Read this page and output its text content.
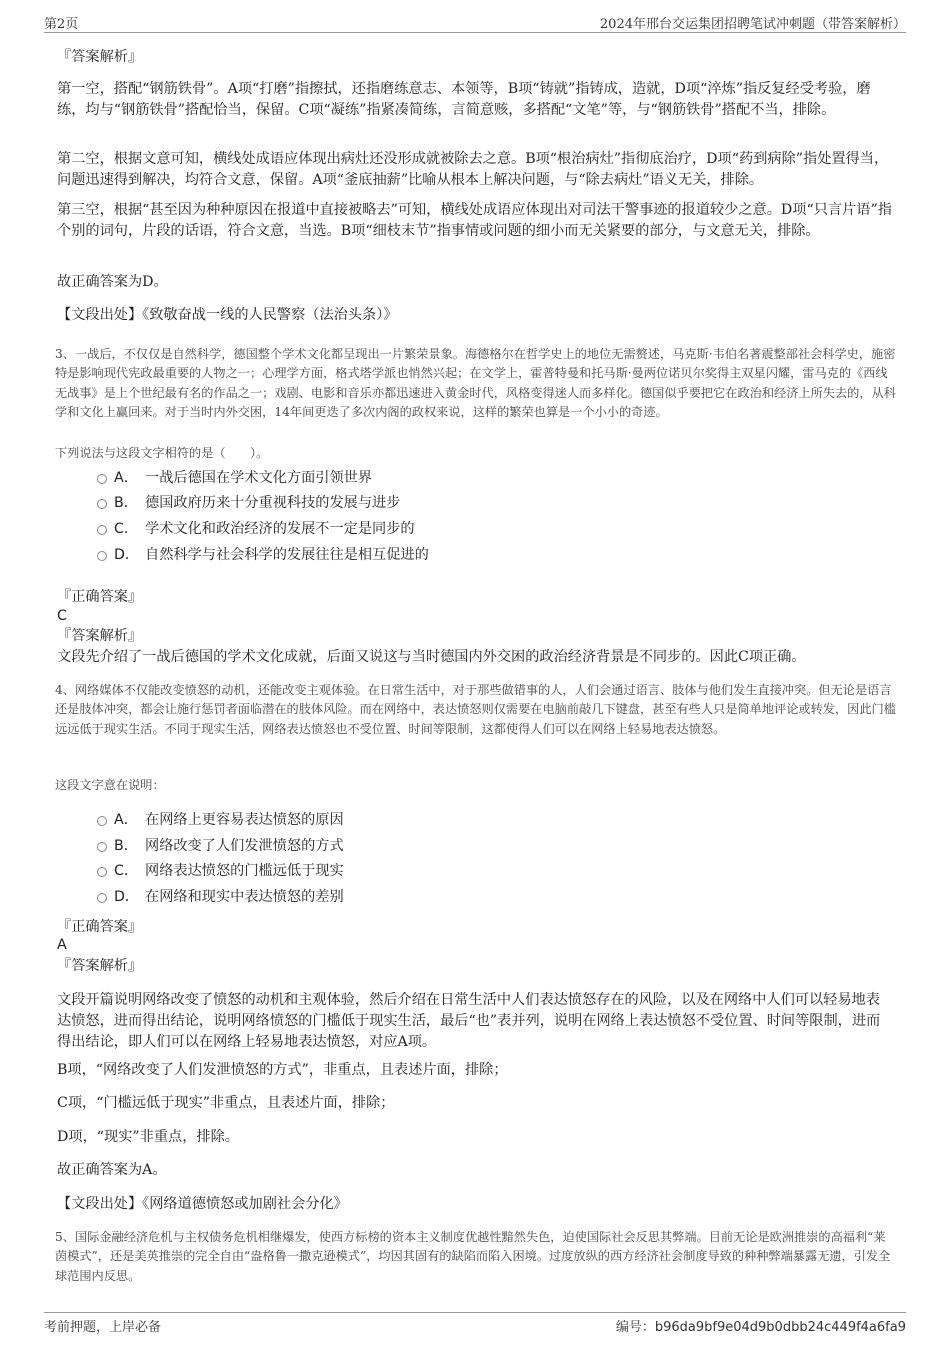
第2页	2024年邢台交运集团招聘笔试冲刺题（带答案解析）

『答案解析』

第一空，搭配“钢筋铁骨”。A项“打磨”指擦拭，还指磨练意志、本领等，B项“铸就”指铸成，造就，D项“淬炼”指反复经受考验，磨练，均与“钢筋铁骨”搭配恰当，保留。C项“凝练”指紧凑简练，言简意赅，多搭配“文笔”等，与“钢筋铁骨”搭配不当，排除。

第二空，根据文意可知，横线处成语应体现出病灶还没形成就被除去之意。B项“根治病灶”指彻底治疗，D项“药到病除”指处置得当，问题迅速得到解决，均符合文意，保留。A项“釜底抽薪”比喻从根本上解决问题，与“除去病灶”语义无关，排除。

第三空，根据“甚至因为种种原因在报道中直接被略去”可知，横线处成语应体现出对司法干警事迹的报道较少之意。D项“只言片语”指个别的词句，片段的话语，符合文意，当选。B项“细枝末节”指事情或问题的细小而无关紧要的部分，与文意无关，排除。

故正确答案为D。

【文段出处】《致敬奋战一线的人民警察（法治头条）》

3、一战后，不仅仅是自然科学，德国整个学术文化都呈现出一片繁荣景象。海德格尔在哲学史上的地位无需赘述，马克斯·韦伯名著震整部社会科学史，施密特是影响现代宪政最重要的人物之一；心理学方面，格式塔学派也悄然兴起；在文学上，霍普特曼和托马斯·曼两位诺贝尔奖得主双星闪耀，雷马克的《西线无战事》是上个世纪最有名的作品之一；戏剧、电影和音乐亦都迅速进入黄金时代，风格变得迷人而多样化。德国似乎要把它在政治和经济上所失去的，从科学和文化上赢回来。对于当时内外交困，14年间更迭了多次内阁的政权来说，这样的繁荣也算是一个小小的奇迹。

下列说法与这段文字相符的是（　　）。

A． 一战后德国在学术文化方面引领世界
B． 德国政府历来十分重视科技的发展与进步
C． 学术文化和政治经济的发展不一定是同步的
D． 自然科学与社会科学的发展往往是相互促进的

『正确答案』

C

『答案解析』

文段先介绍了一战后德国的学术文化成就，后面又说这与当时德国内外交困的政治经济背景是不同步的。因此C项正确。

4、网络媒体不仅能改变愤怒的动机，还能改变主观体验。在日常生活中，对于那些做错事的人，人们会通过语言、肢体与他们发生直接冲突。但无论是语言还是肢体冲突，都会让施行惩罚者面临潜在的肢体风险。而在网络中，表达愤怒则仅需要在电脑前敲几下键盘，甚至有些人只是简单地评论或转发，因此门槛远远低于现实生活。不同于现实生活，网络表达愤怒也不受位置、时间等限制，这都使得人们可以在网络上轻易地表达愤怒。

这段文字意在说明：

A． 在网络上更容易表达愤怒的原因
B． 网络改变了人们发泄愤怒的方式
C． 网络表达愤怒的门槛远低于现实
D． 在网络和现实中表达愤怒的差别

『正确答案』

A

『答案解析』

文段开篇说明网络改变了愤怒的动机和主观体验，然后介绍在日常生活中人们表达愤怒存在的风险，以及在网络中人们可以轻易地表达愤怒，进而得出结论，说明网络愤怒的门槛低于现实生活，最后“也”表并列，说明在网络上表达愤怒不受位置、时间等限制，进而得出结论，即人们可以在网络上轻易地表达愤怒，对应A项。

B项，“网络改变了人们发泄愤怒的方式”，非重点，且表述片面，排除；

C项，“门槛远低于现实”非重点，且表述片面，排除；

D项，“现实”非重点，排除。

故正确答案为A。

【文段出处】《网络道德愤怒或加剧社会分化》

5、国际金融经济危机与主权债务危机相继爆发，使西方标榜的资本主义制度优越性黯然失色，迫使国际社会反思其弊端。目前无论是欧洲推崇的高福利“莱茵模式”，还是美英推崇的完全自由“盎格鲁一撒克逊模式”，均因其固有的缺陷而陷入困境。过度放纵的西方经济社会制度导致的种种弊端暴露无遗，引发全球范围内反思。

考前押题，上岸必备	编号：b96da9bf9e04d9b0dbb24c449f4a6fa9
